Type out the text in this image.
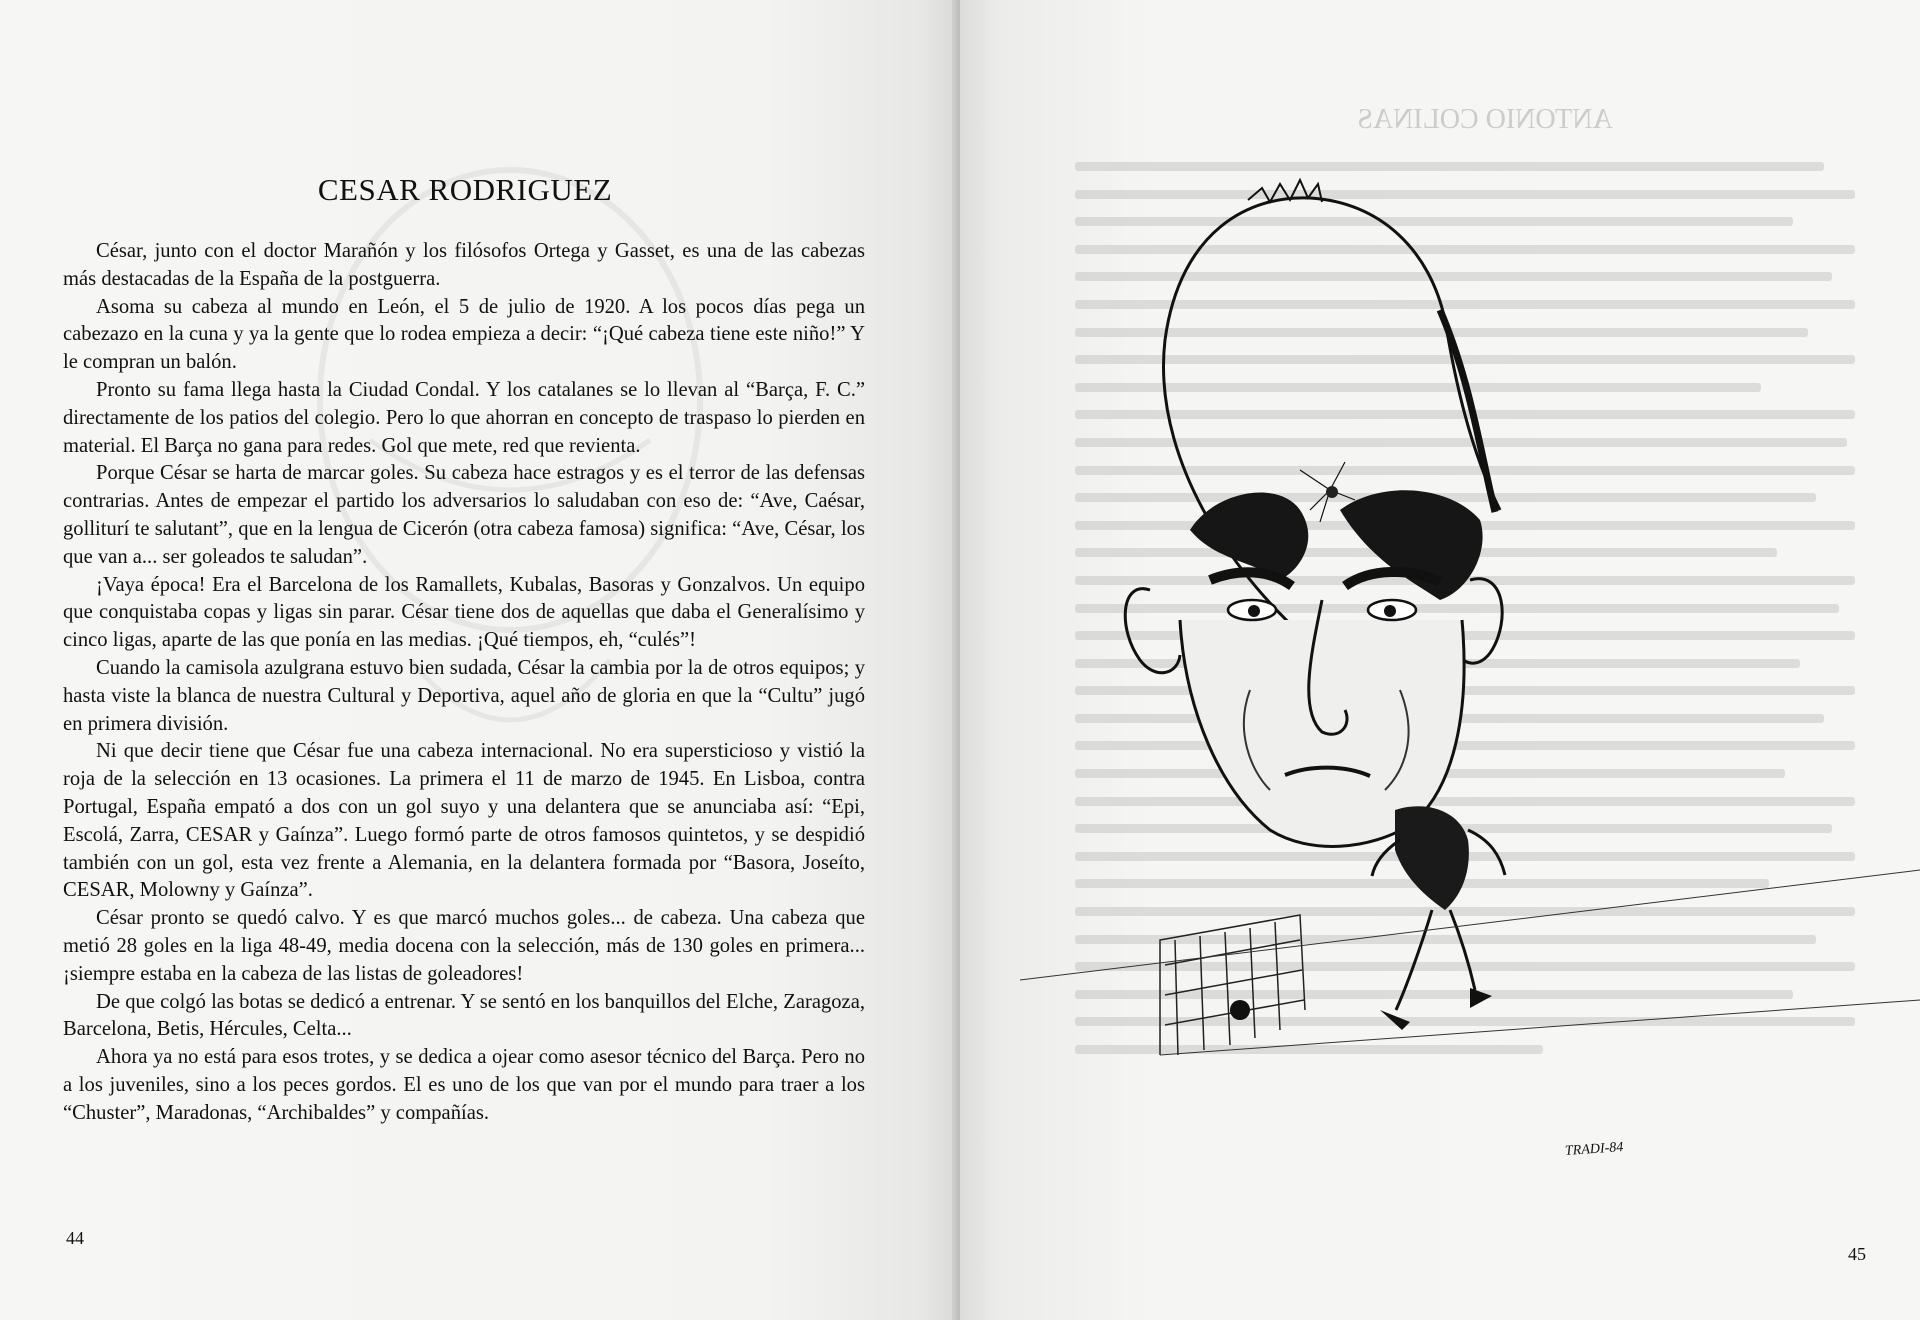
CESAR RODRIGUEZ

César, junto con el doctor Marañón y los filósofos Ortega y Gasset, es una de las cabezas más destacadas de la España de la postguerra.

Asoma su cabeza al mundo en León, el 5 de julio de 1920. A los pocos días pega un cabezazo en la cuna y ya la gente que lo rodea empieza a decir: “¡Qué cabeza tiene este niño!” Y le compran un balón.

Pronto su fama llega hasta la Ciudad Condal. Y los catalanes se lo llevan al “Barça, F. C.” directamente de los patios del colegio. Pero lo que ahorran en concepto de traspaso lo pierden en material. El Barça no gana para redes. Gol que mete, red que revienta.

Porque César se harta de marcar goles. Su cabeza hace estragos y es el terror de las defensas contrarias. Antes de empezar el partido los adversarios lo saludaban con eso de: “Ave, Caésar, golliturí te salutant”, que en la lengua de Cicerón (otra cabeza famosa) significa: “Ave, César, los que van a... ser goleados te saludan”.

¡Vaya época! Era el Barcelona de los Ramallets, Kubalas, Basoras y Gonzalvos. Un equipo que conquistaba copas y ligas sin parar. César tiene dos de aquellas que daba el Generalísimo y cinco ligas, aparte de las que ponía en las medias. ¡Qué tiempos, eh, “culés”!

Cuando la camisola azulgrana estuvo bien sudada, César la cambia por la de otros equipos; y hasta viste la blanca de nuestra Cultural y Deportiva, aquel año de gloria en que la “Cultu” jugó en primera división.

Ni que decir tiene que César fue una cabeza internacional. No era supersticioso y vistió la roja de la selección en 13 ocasiones. La primera el 11 de marzo de 1945. En Lisboa, contra Portugal, España empató a dos con un gol suyo y una delantera que se anunciaba así: “Epi, Escolá, Zarra, CESAR y Gaínza”. Luego formó parte de otros famosos quintetos, y se despidió también con un gol, esta vez frente a Alemania, en la delantera formada por “Basora, Joseíto, CESAR, Molowny y Gaínza”.

César pronto se quedó calvo. Y es que marcó muchos goles... de cabeza. Una cabeza que metió 28 goles en la liga 48-49, media docena con la selección, más de 130 goles en primera... ¡siempre estaba en la cabeza de las listas de goleadores!

De que colgó las botas se dedicó a entrenar. Y se sentó en los banquillos del Elche, Zaragoza, Barcelona, Betis, Hércules, Celta...

Ahora ya no está para esos trotes, y se dedica a ojear como asesor técnico del Barça. Pero no a los juveniles, sino a los peces gordos. El es uno de los que van por el mundo para traer a los “Chuster”, Maradonas, “Archibaldes” y compañías.

44
ANTONIO COLINAS
TRADI-84
45
